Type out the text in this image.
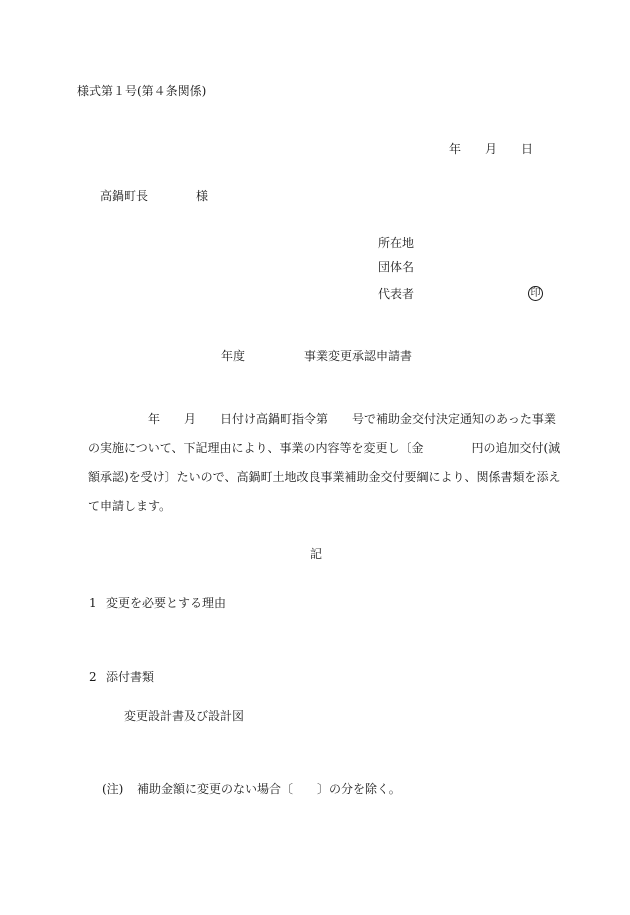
様式第１号(第４条関係)
年 月 日
高鍋町長	様
所在地
団体名
代表者	印
年度	事業変更承認申請書
年　　月　　日付け高鍋町指令第　　号で補助金交付決定通知のあった事業
の実施について、下記理由により、事業の内容等を変更し〔金　　　　円の追加交付(減
額承認)を受け〕たいので、高鍋町土地改良事業補助金交付要綱により、関係書類を添え
て申請します。
記
1 変更を必要とする理由
2 添付書類
変更設計書及び設計図
(注) 補助金額に変更のない場合〔　　〕の分を除く。
